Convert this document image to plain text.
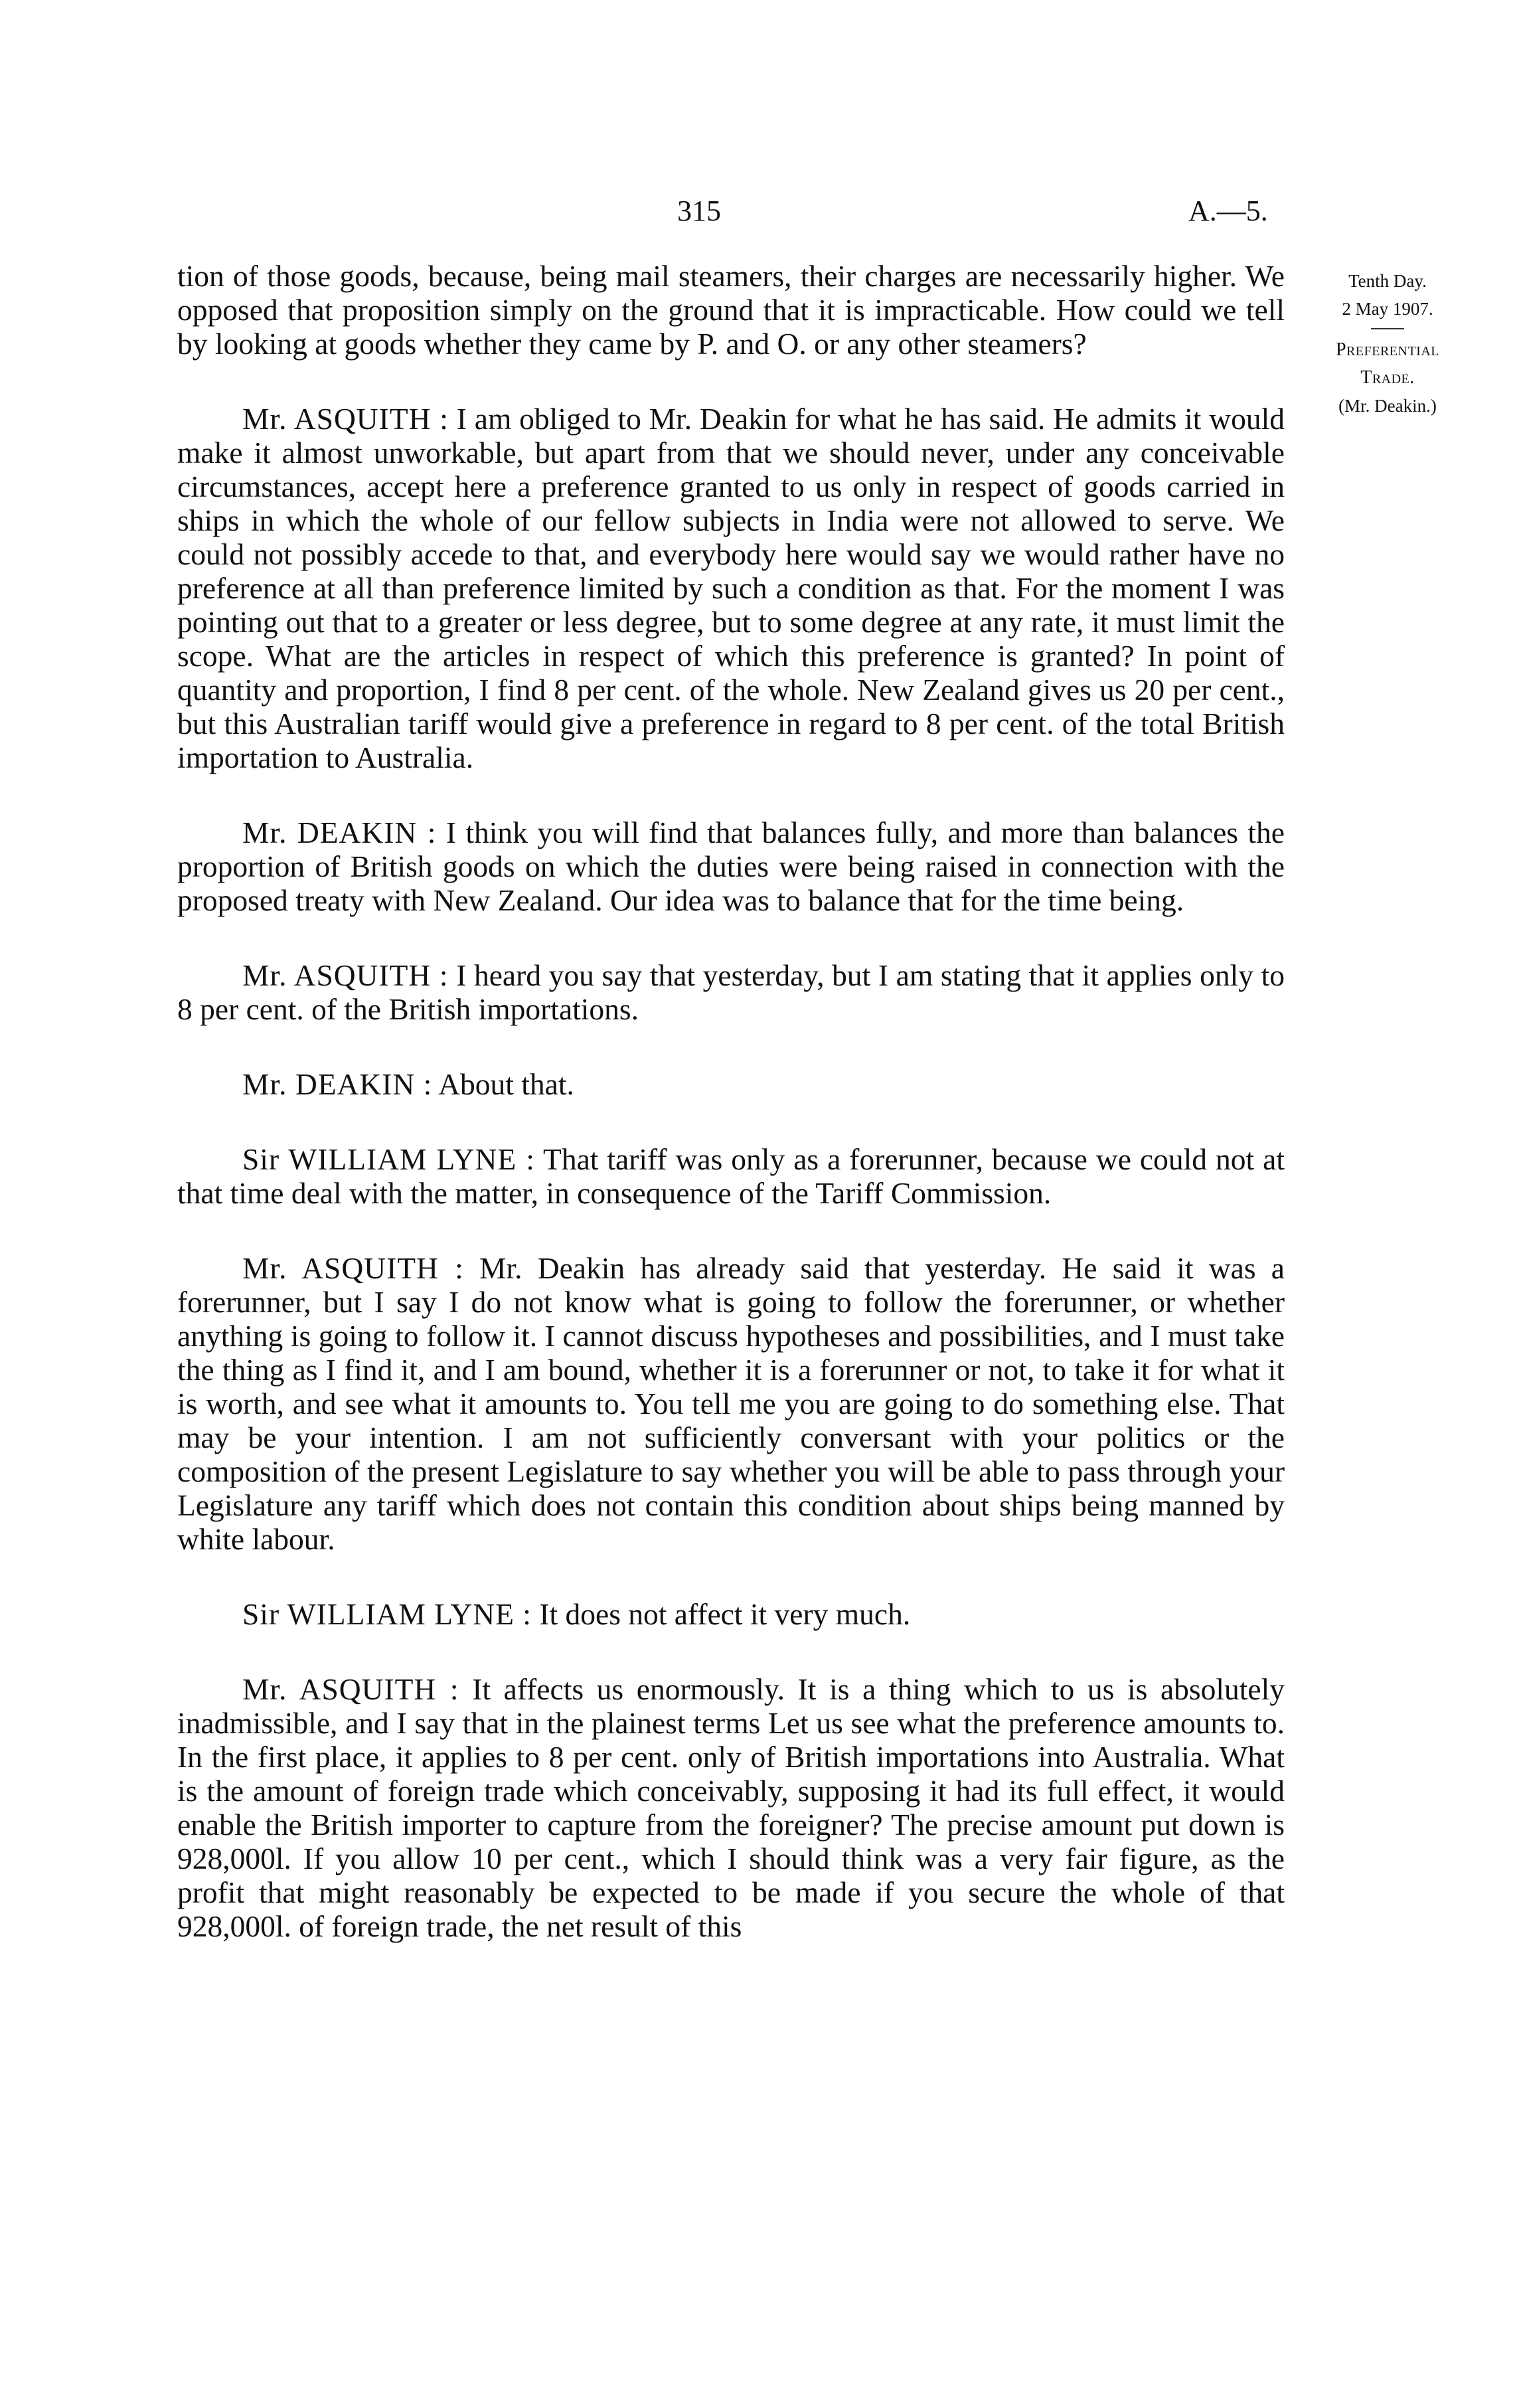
315	A.—5.
Tenth Day.
2 May 1907.
Preferential
Trade.
(Mr. Deakin.)

tion of those goods, because, being mail steamers, their charges are necessarily higher. We opposed that proposition simply on the ground that it is impracticable. How could we tell by looking at goods whether they came by P. and O. or any other steamers?

Mr. ASQUITH : I am obliged to Mr. Deakin for what he has said. He admits it would make it almost unworkable, but apart from that we should never, under any conceivable circumstances, accept here a preference granted to us only in respect of goods carried in ships in which the whole of our fellow subjects in India were not allowed to serve. We could not possibly accede to that, and everybody here would say we would rather have no preference at all than preference limited by such a condition as that. For the moment I was pointing out that to a greater or less degree, but to some degree at any rate, it must limit the scope. What are the articles in respect of which this preference is granted? In point of quantity and proportion, I find 8 per cent. of the whole. New Zealand gives us 20 per cent., but this Australian tariff would give a preference in regard to 8 per cent. of the total British importation to Australia.

Mr. DEAKIN : I think you will find that balances fully, and more than balances the proportion of British goods on which the duties were being raised in connection with the proposed treaty with New Zealand. Our idea was to balance that for the time being.

Mr. ASQUITH : I heard you say that yesterday, but I am stating that it applies only to 8 per cent. of the British importations.

Mr. DEAKIN : About that.

Sir WILLIAM LYNE : That tariff was only as a forerunner, because we could not at that time deal with the matter, in consequence of the Tariff Commission.

Mr. ASQUITH : Mr. Deakin has already said that yesterday. He said it was a forerunner, but I say I do not know what is going to follow the forerunner, or whether anything is going to follow it. I cannot discuss hypotheses and possibilities, and I must take the thing as I find it, and I am bound, whether it is a forerunner or not, to take it for what it is worth, and see what it amounts to. You tell me you are going to do something else. That may be your intention. I am not sufficiently conversant with your politics or the composition of the present Legislature to say whether you will be able to pass through your Legislature any tariff which does not contain this condition about ships being manned by white labour.

Sir WILLIAM LYNE : It does not affect it very much.

Mr. ASQUITH : It affects us enormously. It is a thing which to us is absolutely inadmissible, and I say that in the plainest terms Let us see what the preference amounts to. In the first place, it applies to 8 per cent. only of British importations into Australia. What is the amount of foreign trade which conceivably, supposing it had its full effect, it would enable the British importer to capture from the foreigner? The precise amount put down is 928,000l. If you allow 10 per cent., which I should think was a very fair figure, as the profit that might reasonably be expected to be made if you secure the whole of that 928,000l. of foreign trade, the net result of this
